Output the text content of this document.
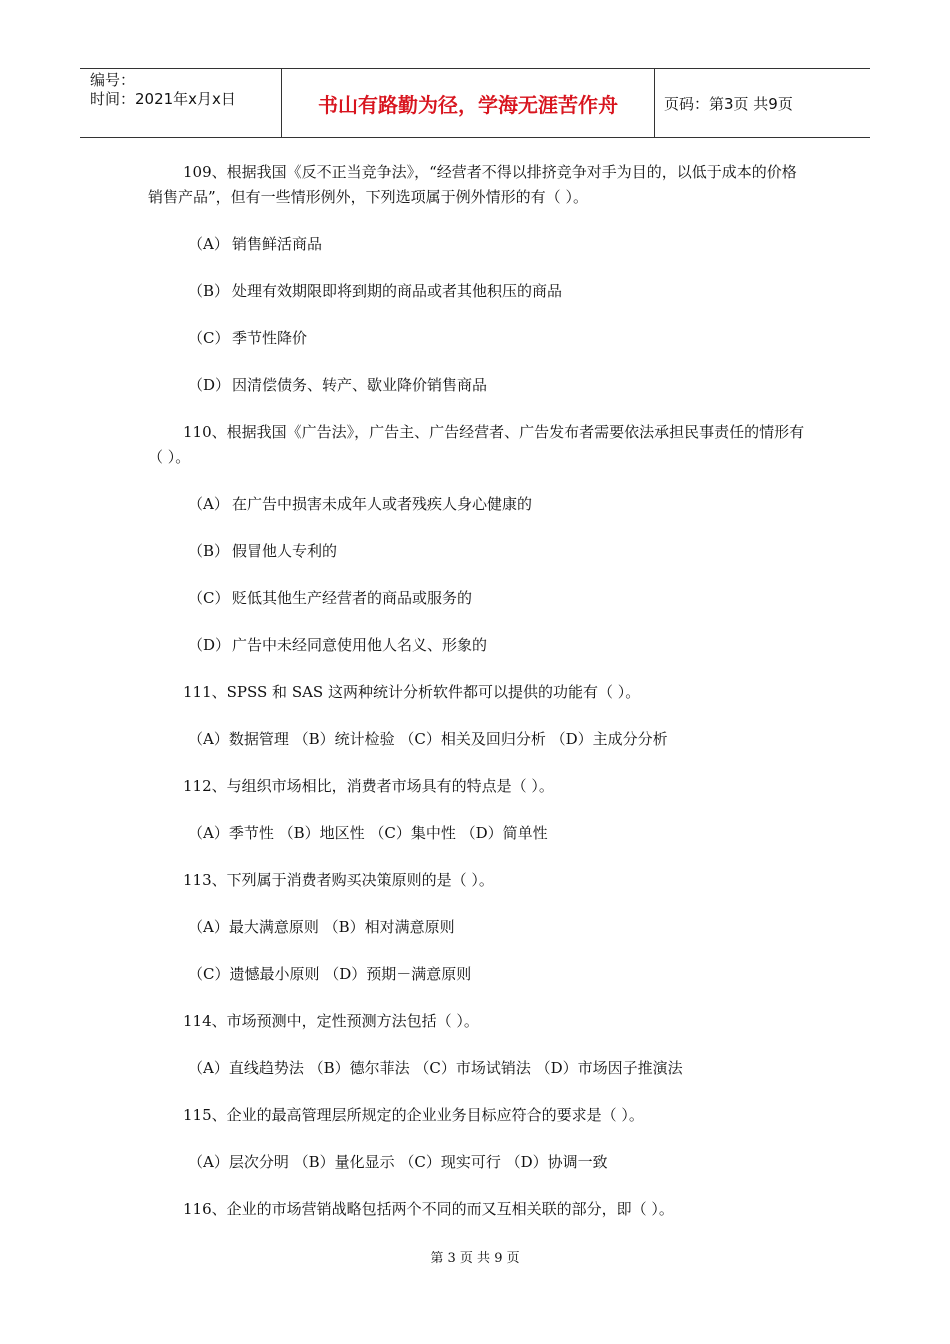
编号：
时间：2021年x月x日	书山有路勤为径，学海无涯苦作舟	页码：第3页 共9页
109、根据我国《反不正当竞争法》，“经营者不得以排挤竞争对手为目的，以低于成本的价格销售产品”，但有一些情形例外，下列选项属于例外情形的有（ ）。
（A） 销售鲜活商品
（B） 处理有效期限即将到期的商品或者其他积压的商品
（C） 季节性降价
（D） 因清偿债务、转产、歇业降价销售商品
110、根据我国《广告法》，广告主、广告经营者、广告发布者需要依法承担民事责任的情形有（ ）。
（A） 在广告中损害未成年人或者残疾人身心健康的
（B） 假冒他人专利的
（C） 贬低其他生产经营者的商品或服务的
（D） 广告中未经同意使用他人名义、形象的
111、SPSS 和 SAS 这两种统计分析软件都可以提供的功能有（ ）。
（A）数据管理 （B）统计检验 （C）相关及回归分析 （D）主成分分析
112、与组织市场相比，消费者市场具有的特点是（ ）。
（A）季节性 （B）地区性 （C）集中性 （D）简单性
113、下列属于消费者购买决策原则的是（ ）。
（A）最大满意原则 （B）相对满意原则
（C）遗憾最小原则 （D）预期－满意原则
114、市场预测中，定性预测方法包括（ ）。
（A）直线趋势法 （B）德尔菲法 （C）市场试销法 （D）市场因子推演法
115、企业的最高管理层所规定的企业业务目标应符合的要求是（ ）。
（A）层次分明 （B）量化显示 （C）现实可行 （D）协调一致
116、企业的市场营销战略包括两个不同的而又互相关联的部分，即（ ）。
第 3 页 共 9 页
